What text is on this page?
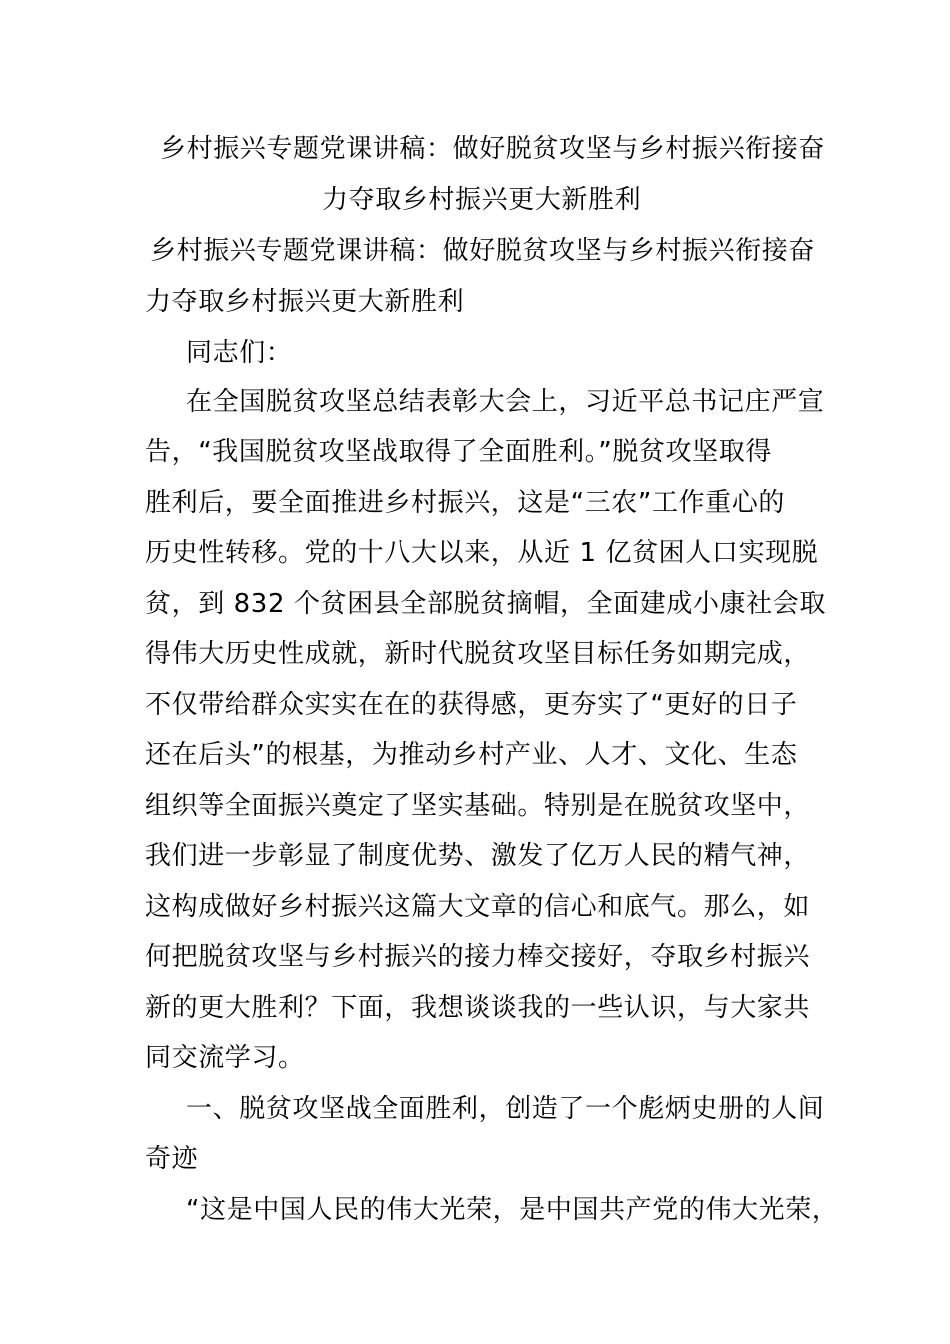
乡村振兴专题党课讲稿：做好脱贫攻坚与乡村振兴衔接奋
力夺取乡村振兴更大新胜利
乡村振兴专题党课讲稿：做好脱贫攻坚与乡村振兴衔接奋
力夺取乡村振兴更大新胜利
同志们：
在全国脱贫攻坚总结表彰大会上，习近平总书记庄严宣
告，“我国脱贫攻坚战取得了全面胜利。”脱贫攻坚取得
胜利后，要全面推进乡村振兴，这是“三农”工作重心的
历史性转移。党的十八大以来，从近 1 亿贫困人口实现脱
贫，到 832 个贫困县全部脱贫摘帽，全面建成小康社会取
得伟大历史性成就，新时代脱贫攻坚目标任务如期完成，
不仅带给群众实实在在的获得感，更夯实了“更好的日子
还在后头”的根基，为推动乡村产业、人才、文化、生态
组织等全面振兴奠定了坚实基础。特别是在脱贫攻坚中，
我们进一步彰显了制度优势、激发了亿万人民的精气神，
这构成做好乡村振兴这篇大文章的信心和底气。那么，如
何把脱贫攻坚与乡村振兴的接力棒交接好，夺取乡村振兴
新的更大胜利？下面，我想谈谈我的一些认识，与大家共
同交流学习。
一、脱贫攻坚战全面胜利，创造了一个彪炳史册的人间
奇迹
“这是中国人民的伟大光荣，是中国共产党的伟大光荣，
